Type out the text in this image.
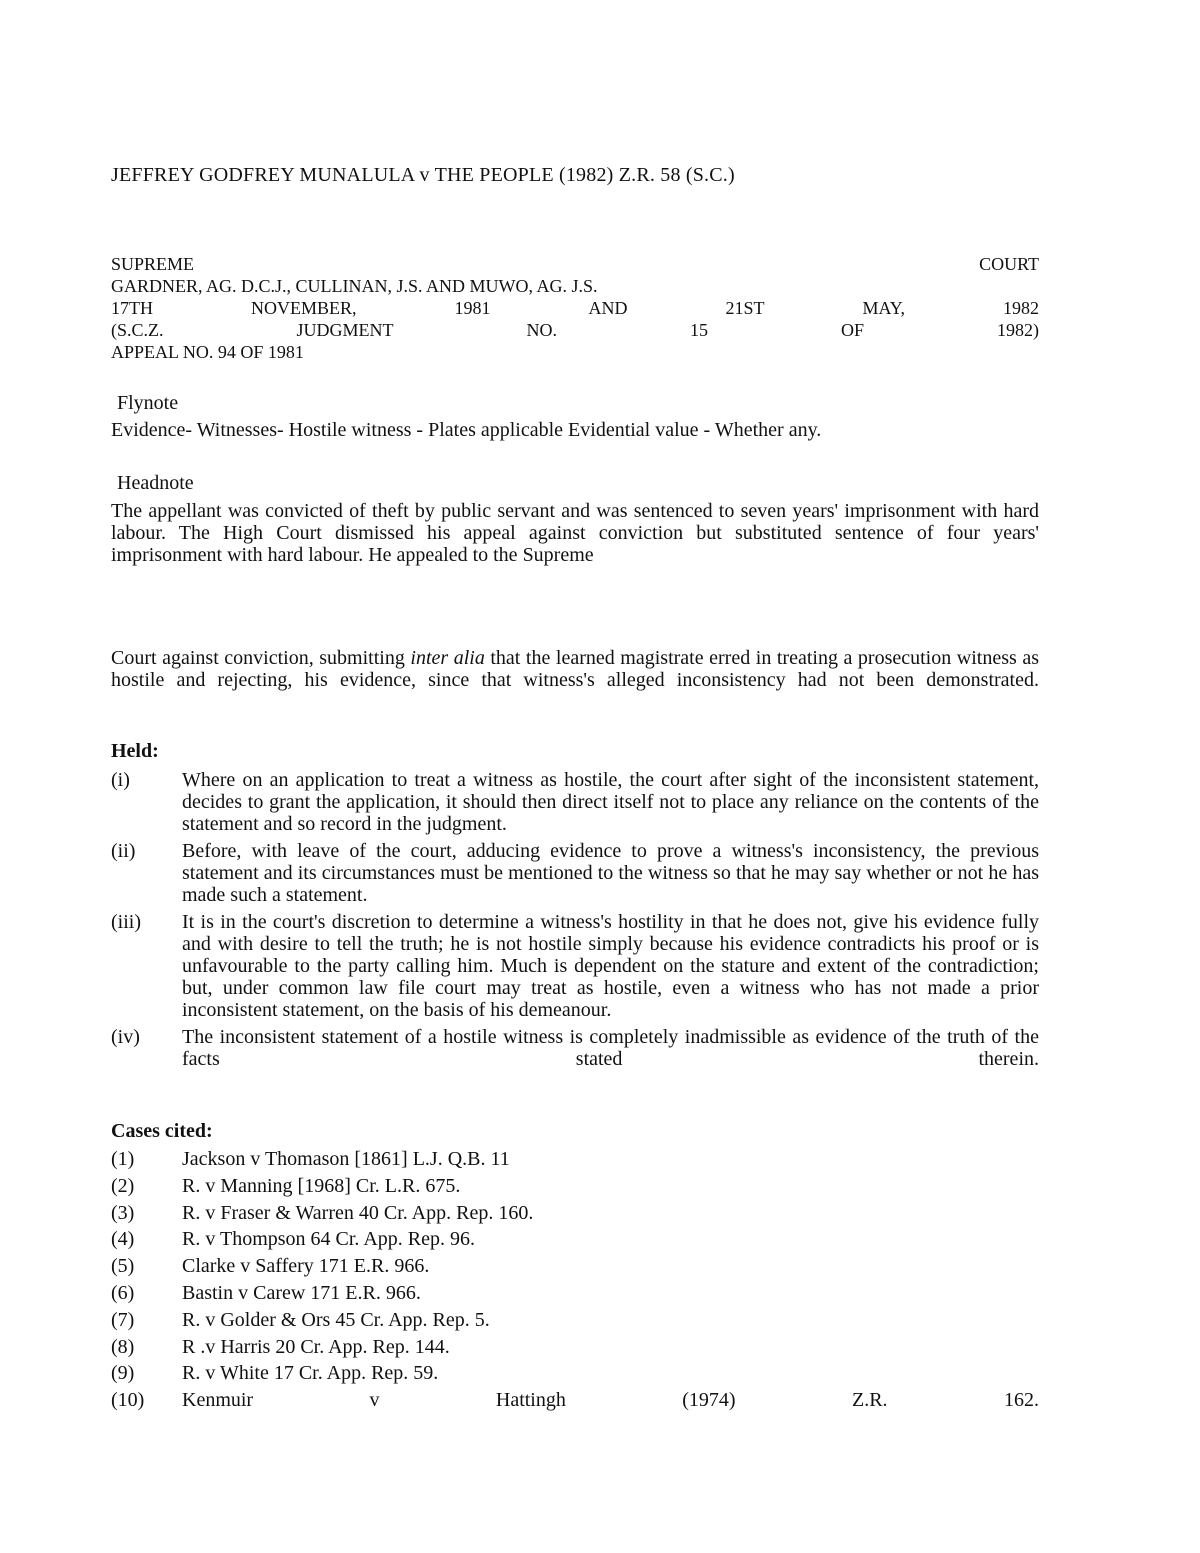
JEFFREY GODFREY MUNALULA v THE PEOPLE (1982) Z.R. 58 (S.C.)
SUPREME	COURT
GARDNER, AG. D.C.J., CULLINAN, J.S. AND MUWO, AG. J.S.
17TH	NOVEMBER,	1981	AND	21ST	MAY,	1982
(S.C.Z.	JUDGMENT	NO.	15	OF	1982)
APPEAL NO. 94 OF 1981
Flynote
Evidence- Witnesses- Hostile witness - Plates applicable Evidential value - Whether any.
Headnote
The appellant was convicted of theft by public servant and was sentenced to seven years' imprisonment with hard labour. The High Court dismissed his appeal against conviction but substituted sentence of four years' imprisonment with hard labour. He appealed to the Supreme
Court against conviction, submitting inter alia that the learned magistrate erred in treating a prosecution witness as hostile and rejecting, his evidence, since that witness's alleged inconsistency had not been demonstrated.
Held:
(i)	Where on an application to treat a witness as hostile, the court after sight of the inconsistent statement, decides to grant the application, it should then direct itself not to place any reliance on the contents of the statement and so record in the judgment.
(ii) Before, with leave of the court, adducing evidence to prove a witness's inconsistency, the previous statement and its circumstances must be mentioned to the witness so that he may say whether or not he has made such a statement.
(iii) It is in the court's discretion to determine a witness's hostility in that he does not, give his evidence fully and with desire to tell the truth; he is not hostile simply because his evidence contradicts his proof or is unfavourable to the party calling him. Much is dependent on the stature and extent of the contradiction; but, under common law file court may treat as hostile, even a witness who has not made a prior inconsistent statement, on the basis of his demeanour.
(iv) The inconsistent statement of a hostile witness is completely inadmissible as evidence of the truth of the facts stated therein.
Cases cited:
(1) Jackson v Thomason [1861] L.J. Q.B. 11
(2) R. v Manning [1968] Cr. L.R. 675.
(3) R. v Fraser & Warren 40 Cr. App. Rep. 160.
(4) R. v Thompson 64 Cr. App. Rep. 96.
(5) Clarke v Saffery 171 E.R. 966.
(6) Bastin v Carew 171 E.R. 966.
(7) R. v Golder & Ors 45 Cr. App. Rep. 5.
(8) R .v Harris 20 Cr. App. Rep. 144.
(9) R. v White 17 Cr. App. Rep. 59.
(10) Kenmuir	v	Hattingh	(1974)	Z.R.	162.
